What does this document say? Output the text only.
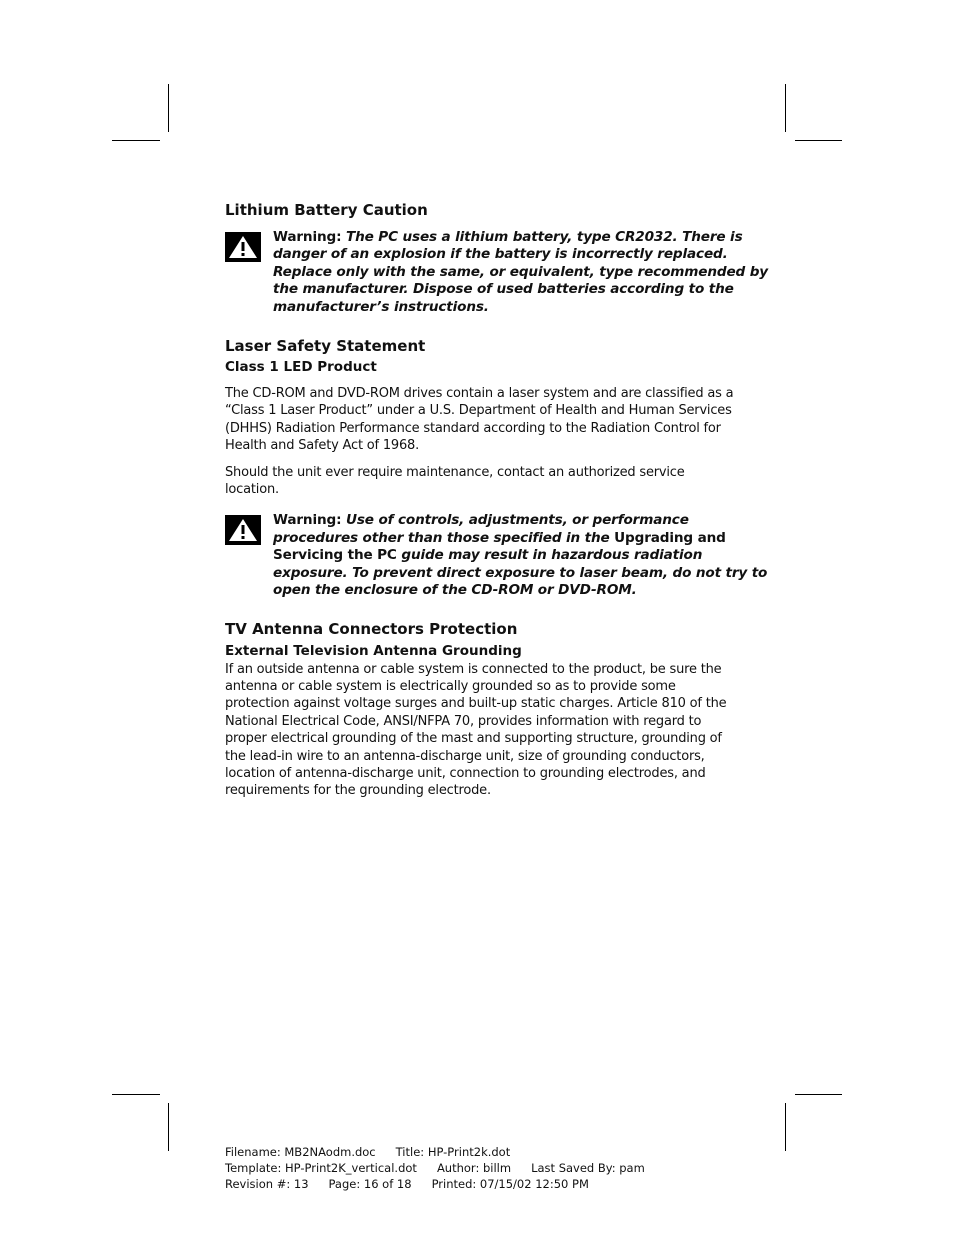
Lithium Battery Caution
Warning: The PC uses a lithium battery, type CR2032. There is danger of an explosion if the battery is incorrectly replaced. Replace only with the same, or equivalent, type recommended by the manufacturer. Dispose of used batteries according to the manufacturer’s instructions.
Laser Safety Statement
Class 1 LED Product

The CD-ROM and DVD-ROM drives contain a laser system and are classified as a “Class 1 Laser Product” under a U.S. Department of Health and Human Services (DHHS) Radiation Performance standard according to the Radiation Control for Health and Safety Act of 1968.

Should the unit ever require maintenance, contact an authorized service location.

Warning: Use of controls, adjustments, or performance procedures other than those specified in the Upgrading and Servicing the PC guide may result in hazardous radiation exposure. To prevent direct exposure to laser beam, do not try to open the enclosure of the CD-ROM or DVD-ROM.
TV Antenna Connectors Protection
External Television Antenna Grounding

If an outside antenna or cable system is connected to the product, be sure the antenna or cable system is electrically grounded so as to provide some protection against voltage surges and built-up static charges. Article 810 of the National Electrical Code, ANSI/NFPA 70, provides information with regard to proper electrical grounding of the mast and supporting structure, grounding of the lead-in wire to an antenna-discharge unit, size of grounding conductors, location of antenna-discharge unit, connection to grounding electrodes, and requirements for the grounding electrode.

Filename: MB2NAodm.doc Title: HP-Print2k.dot
Template: HP-Print2K_vertical.dot Author: billm Last Saved By: pam
Revision #: 13 Page: 16 of 18 Printed: 07/15/02 12:50 PM
